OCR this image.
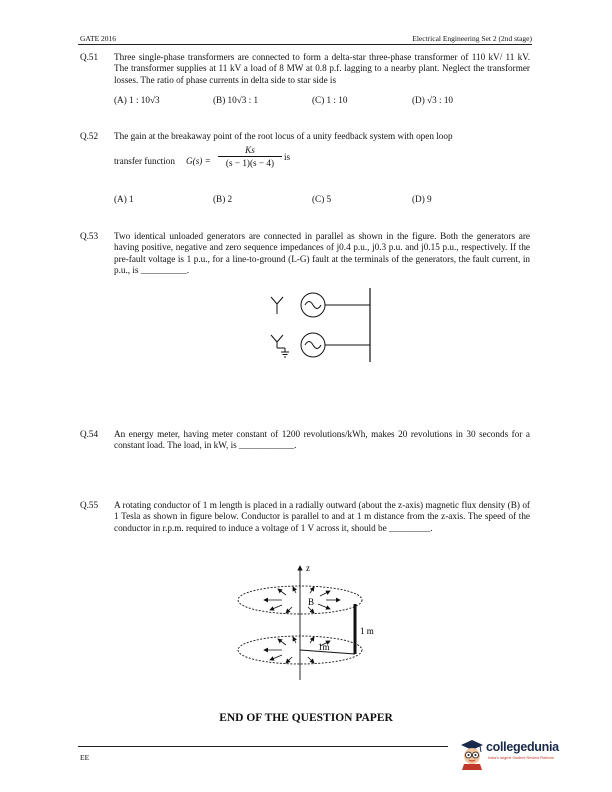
GATE 2016	Electrical Engineering Set 2 (2nd stage)
Q.51 Three single-phase transformers are connected to form a delta-star three-phase transformer of 110 kV/ 11 kV. The transformer supplies at 11 kV a load of 8 MW at 0.8 p.f. lagging to a nearby plant. Neglect the transformer losses. The ratio of phase currents in delta side to star side is
(A) 1 : 10√3	(B) 10√3 : 1	(C) 1 : 10	(D) √3 : 10
Q.52 The gain at the breakaway point of the root locus of a unity feedback system with open loop
transfer function G(s) =
Ks
(s − 1)(s − 4)
is
(A) 1	(B) 2	(C) 5	(D) 9
Q.53 Two identical unloaded generators are connected in parallel as shown in the figure. Both the generators are having positive, negative and zero sequence impedances of j0.4 p.u., j0.3 p.u. and j0.15 p.u., respectively. If the pre-fault voltage is 1 p.u., for a line-to-ground (L-G) fault at the terminals of the generators, the fault current, in p.u., is __________.
Q.54 An energy meter, having meter constant of 1200 revolutions/kWh, makes 20 revolutions in 30 seconds for a constant load. The load, in kW, is ____________.
Q.55 A rotating conductor of 1 m length is placed in a radially outward (about the z-axis) magnetic flux density (B) of 1 Tesla as shown in figure below. Conductor is parallel to and at 1 m distance from the z-axis. The speed of the conductor in r.p.m. required to induce a voltage of 1 V across it, should be _________.
z
B
1m
1 m
END OF THE QUESTION PAPER
EE
collegedunia
India's largest Student Review Platform
